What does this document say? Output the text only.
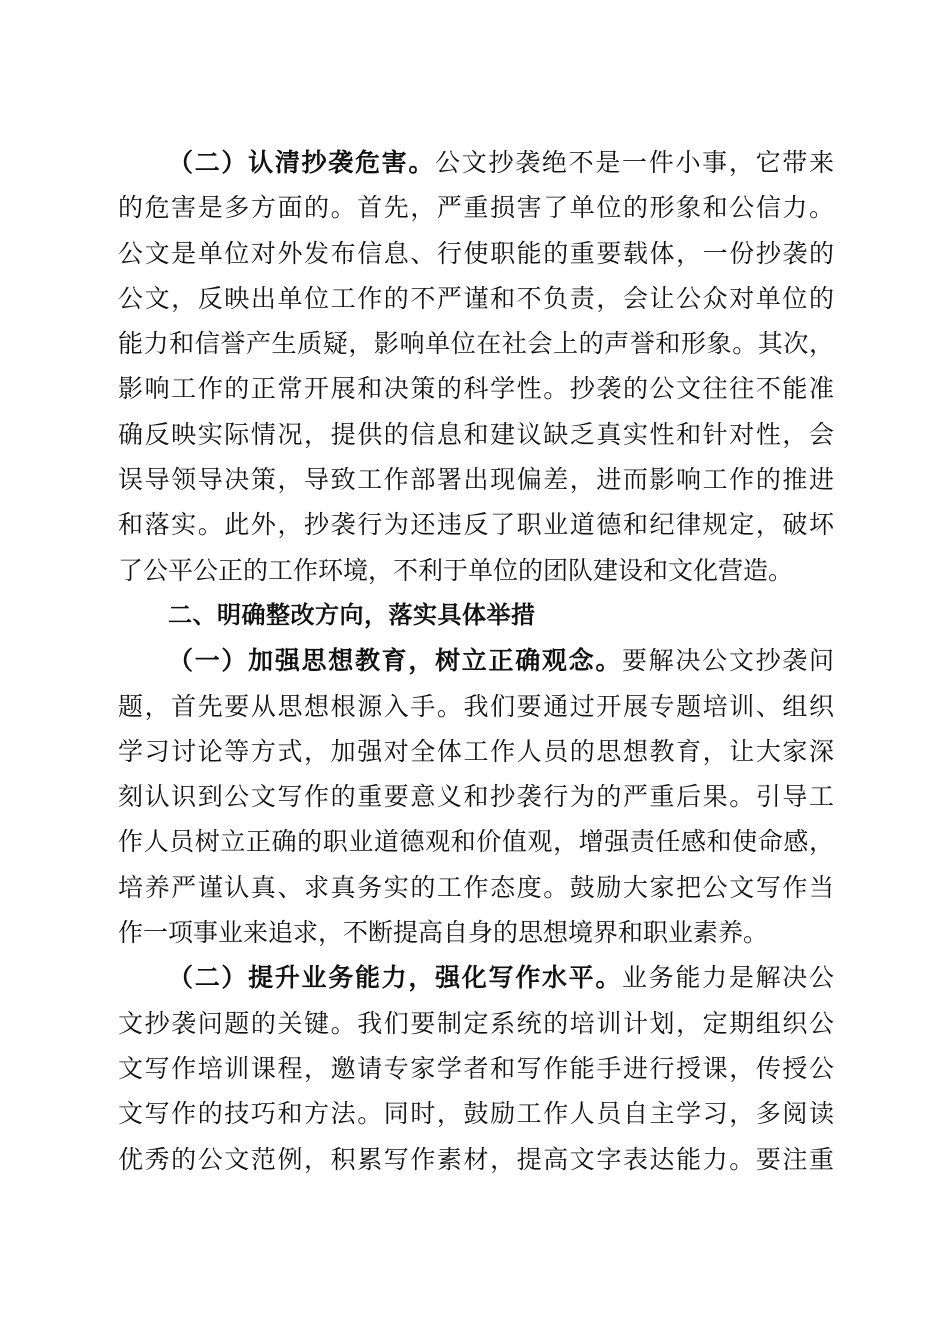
（二）认清抄袭危害。公文抄袭绝不是一件小事，它带来
的危害是多方面的。首先，严重损害了单位的形象和公信力。
公文是单位对外发布信息、行使职能的重要载体，一份抄袭的
公文，反映出单位工作的不严谨和不负责，会让公众对单位的
能力和信誉产生质疑，影响单位在社会上的声誉和形象。其次，
影响工作的正常开展和决策的科学性。抄袭的公文往往不能准
确反映实际情况，提供的信息和建议缺乏真实性和针对性，会
误导领导决策，导致工作部署出现偏差，进而影响工作的推进
和落实。此外，抄袭行为还违反了职业道德和纪律规定，破坏
了公平公正的工作环境，不利于单位的团队建设和文化营造。
二、明确整改方向，落实具体举措
（一）加强思想教育，树立正确观念。要解决公文抄袭问
题，首先要从思想根源入手。我们要通过开展专题培训、组织
学习讨论等方式，加强对全体工作人员的思想教育，让大家深
刻认识到公文写作的重要意义和抄袭行为的严重后果。引导工
作人员树立正确的职业道德观和价值观，增强责任感和使命感，
培养严谨认真、求真务实的工作态度。鼓励大家把公文写作当
作一项事业来追求，不断提高自身的思想境界和职业素养。
（二）提升业务能力，强化写作水平。业务能力是解决公
文抄袭问题的关键。我们要制定系统的培训计划，定期组织公
文写作培训课程，邀请专家学者和写作能手进行授课，传授公
文写作的技巧和方法。同时，鼓励工作人员自主学习，多阅读
优秀的公文范例，积累写作素材，提高文字表达能力。要注重
